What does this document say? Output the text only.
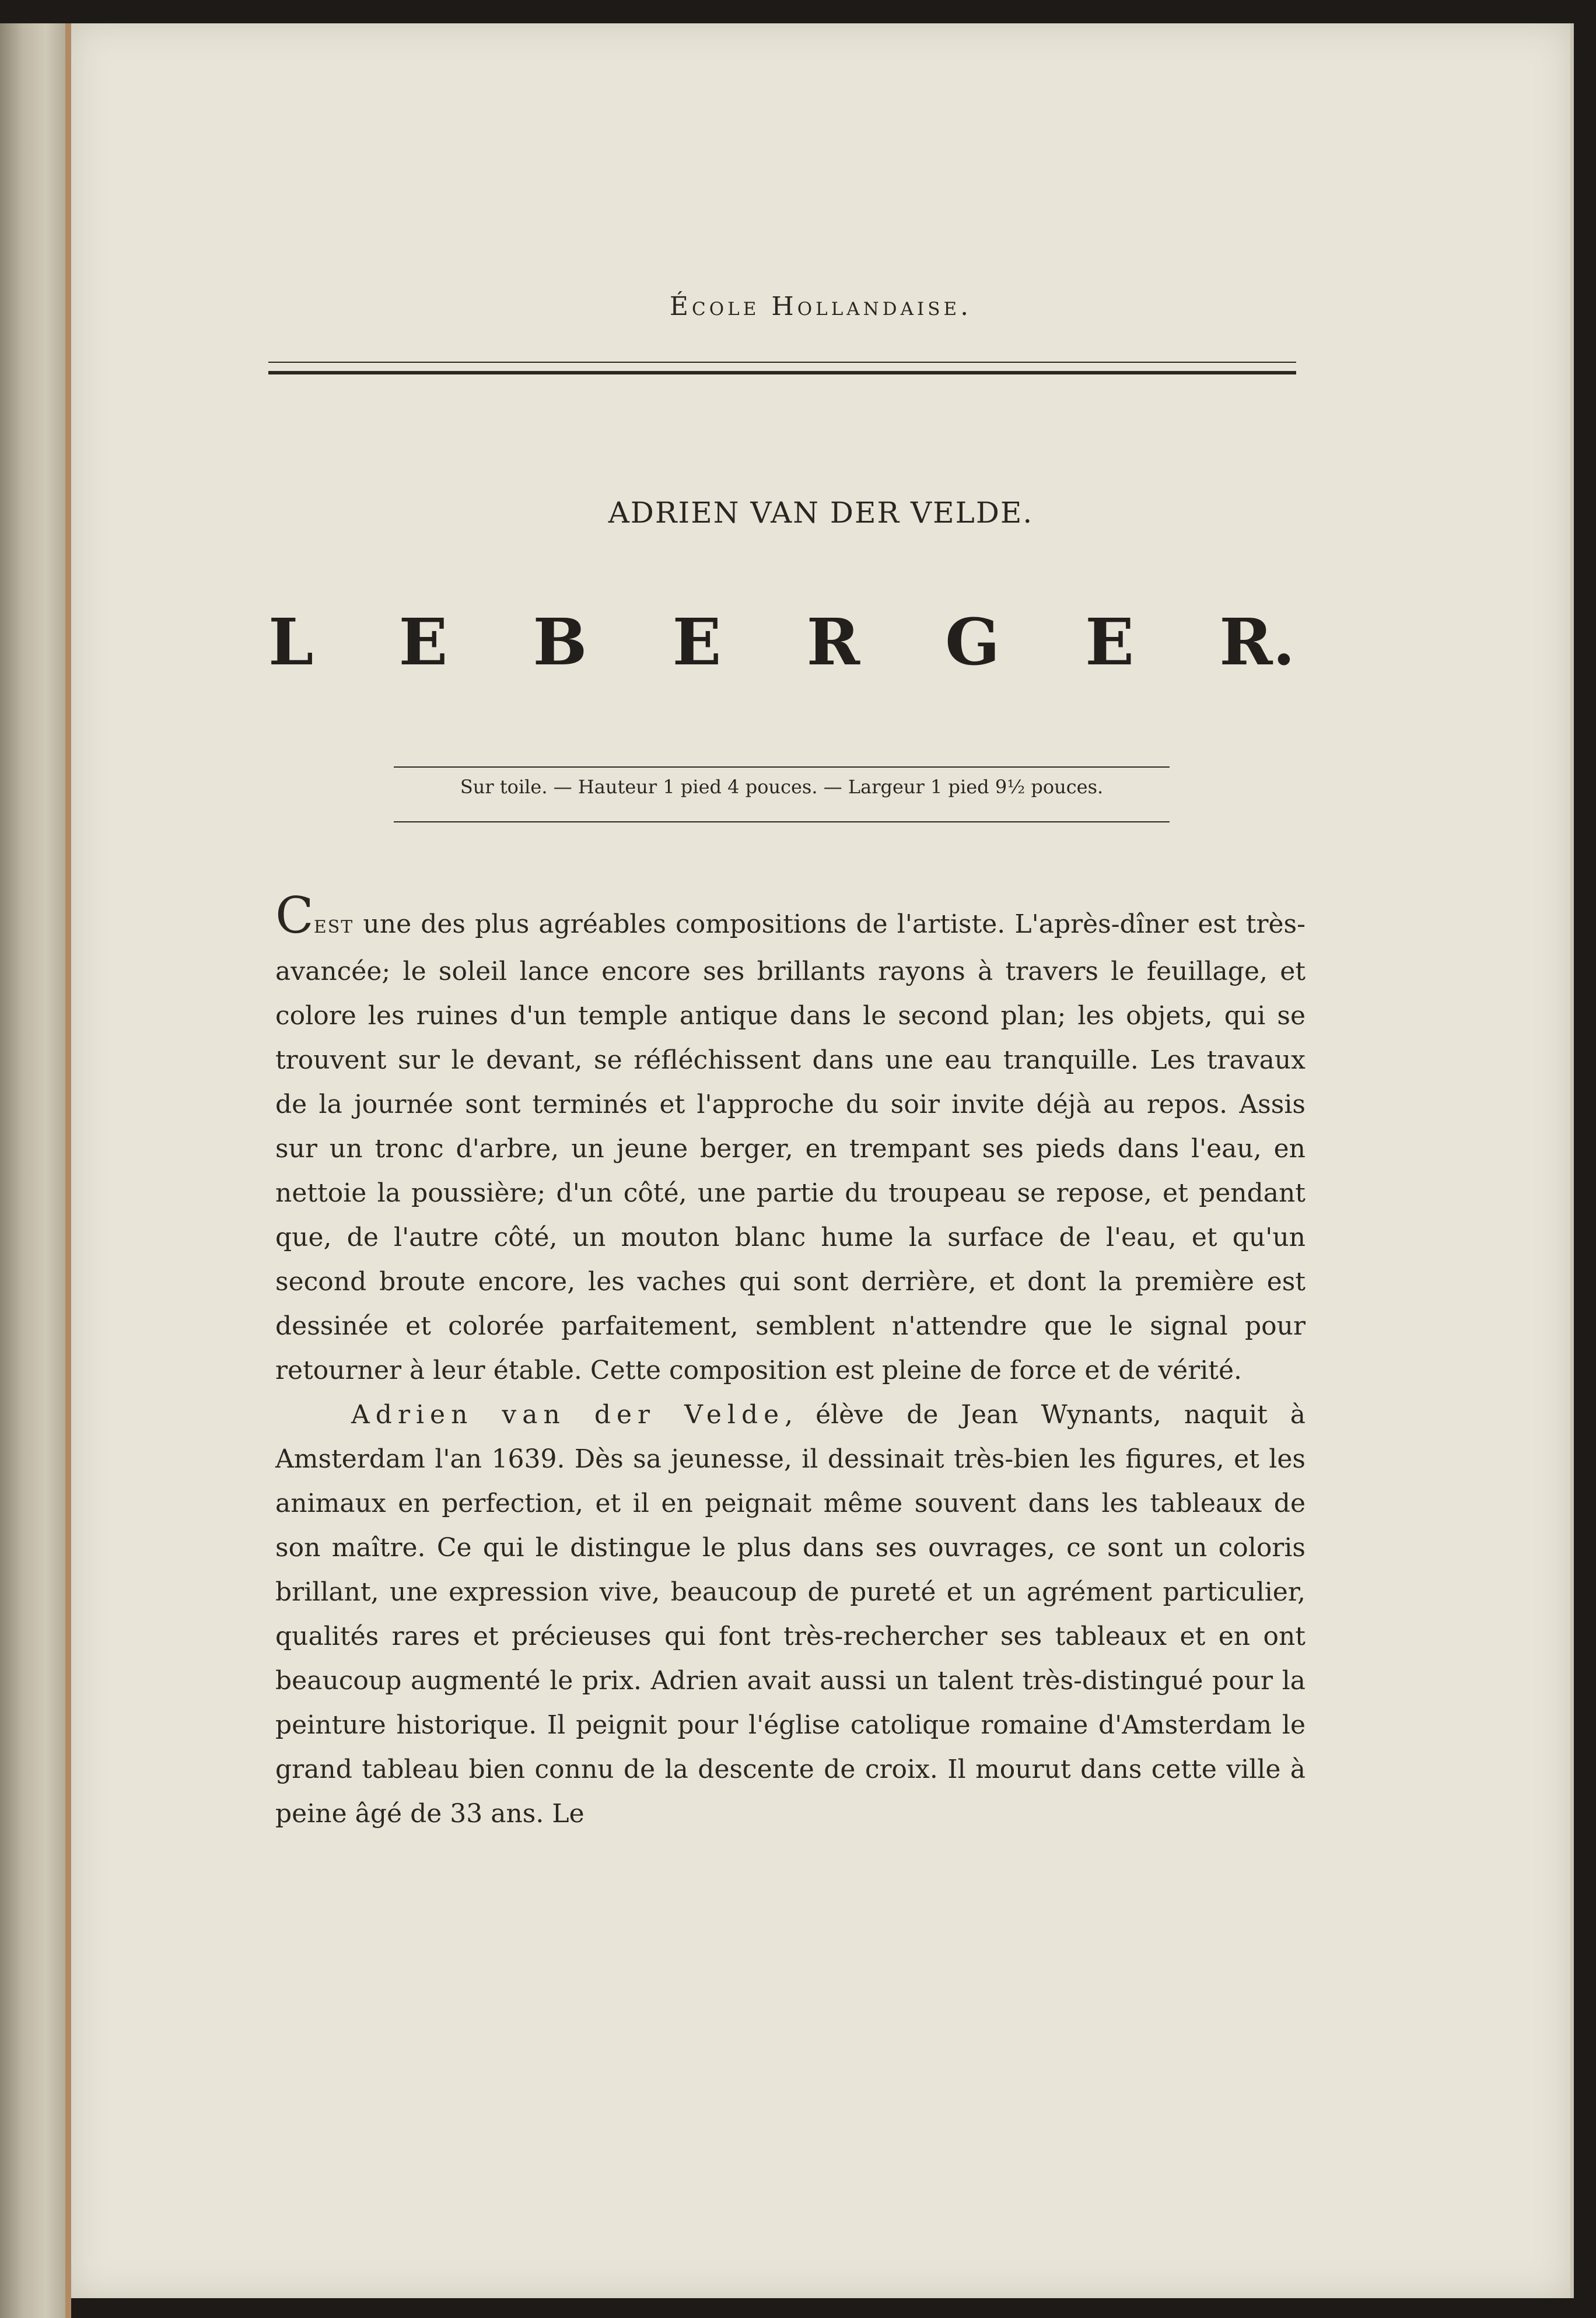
École Hollandaise.
ADRIEN VAN DER VELDE.
L E B E R G E R.
Sur toile. — Hauteur 1 pied 4 pouces. — Largeur 1 pied 9½ pouces.

CEST une des plus agréables compositions de l'artiste. L'après-dîner est très-avancée; le soleil lance encore ses brillants rayons à travers le feuillage, et colore les ruines d'un temple antique dans le second plan; les objets, qui se trouvent sur le devant, se réfléchissent dans une eau tranquille. Les travaux de la journée sont terminés et l'approche du soir invite déjà au repos. Assis sur un tronc d'arbre, un jeune berger, en trempant ses pieds dans l'eau, en nettoie la poussière; d'un côté, une partie du troupeau se repose, et pendant que, de l'autre côté, un mouton blanc hume la surface de l'eau, et qu'un second broute encore, les vaches qui sont derrière, et dont la première est dessinée et colorée parfaitement, semblent n'attendre que le signal pour retourner à leur étable. Cette composition est pleine de force et de vérité.

Adrien van der Velde, élève de Jean Wynants, naquit à Amsterdam l'an 1639. Dès sa jeunesse, il dessinait très-bien les figures, et les animaux en perfection, et il en peignait même souvent dans les tableaux de son maître. Ce qui le distingue le plus dans ses ouvrages, ce sont un coloris brillant, une expression vive, beaucoup de pureté et un agrément particulier, qualités rares et précieuses qui font très-rechercher ses tableaux et en ont beaucoup augmenté le prix. Adrien avait aussi un talent très-distingué pour la peinture historique. Il peignit pour l'église catolique romaine d'Amsterdam le grand tableau bien connu de la descente de croix. Il mourut dans cette ville à peine âgé de 33 ans. Le
